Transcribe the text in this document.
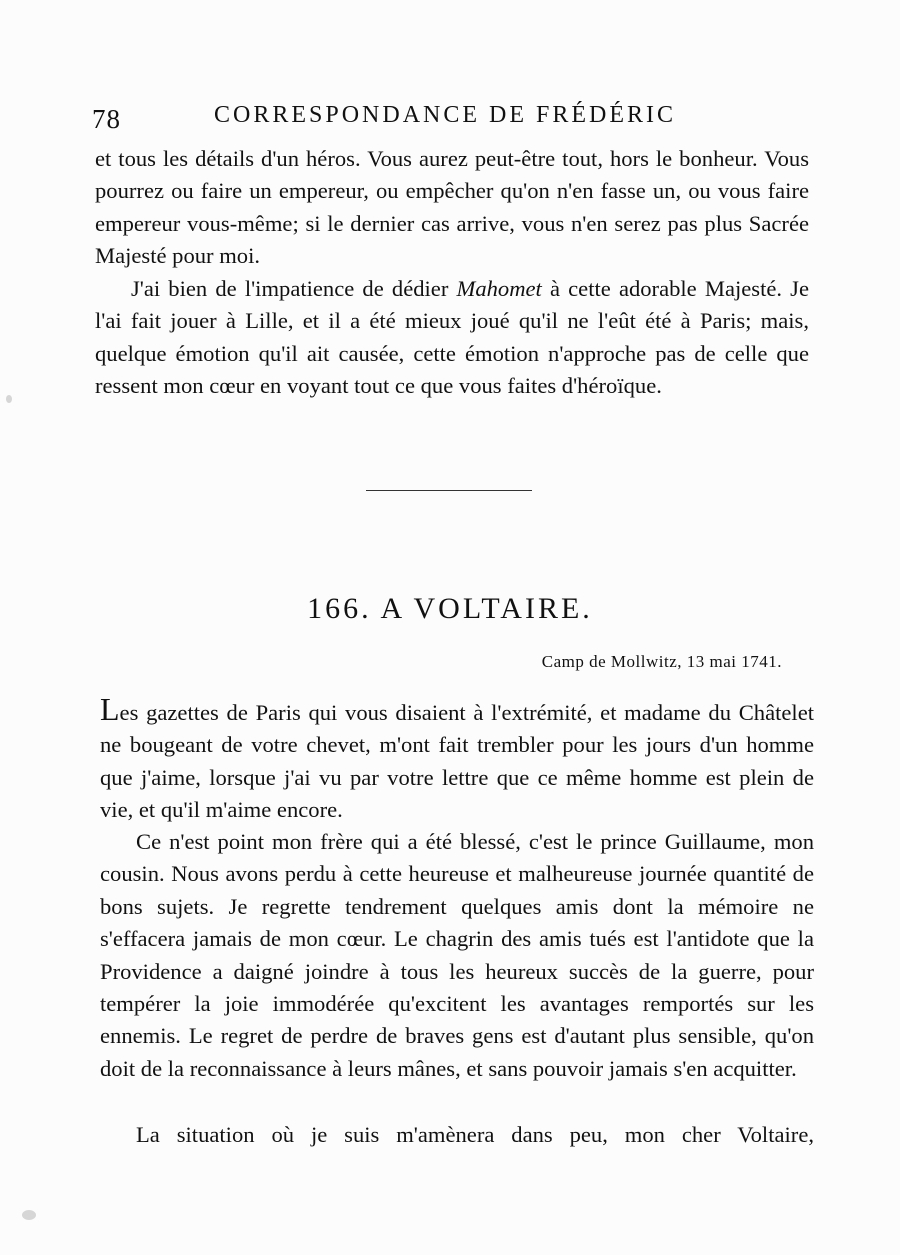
78	CORRESPONDANCE DE FRÉDÉRIC

et tous les détails d'un héros. Vous aurez peut-être tout, hors le bonheur. Vous pourrez ou faire un empereur, ou empêcher qu'on n'en fasse un, ou vous faire empereur vous-même; si le dernier cas arrive, vous n'en serez pas plus Sacrée Majesté pour moi.

J'ai bien de l'impatience de dédier Mahomet à cette adorable Majesté. Je l'ai fait jouer à Lille, et il a été mieux joué qu'il ne l'eût été à Paris; mais, quelque émotion qu'il ait causée, cette émotion n'approche pas de celle que ressent mon cœur en voyant tout ce que vous faites d'héroïque.

166. A VOLTAIRE.
Camp de Mollwitz, 13 mai 1741.

Les gazettes de Paris qui vous disaient à l'extrémité, et madame du Châtelet ne bougeant de votre chevet, m'ont fait trembler pour les jours d'un homme que j'aime, lorsque j'ai vu par votre lettre que ce même homme est plein de vie, et qu'il m'aime encore.

Ce n'est point mon frère qui a été blessé, c'est le prince Guillaume, mon cousin. Nous avons perdu à cette heureuse et malheureuse journée quantité de bons sujets. Je regrette tendrement quelques amis dont la mémoire ne s'effacera jamais de mon cœur. Le chagrin des amis tués est l'antidote que la Providence a daigné joindre à tous les heureux succès de la guerre, pour tempérer la joie immodérée qu'excitent les avantages remportés sur les ennemis. Le regret de perdre de braves gens est d'autant plus sensible, qu'on doit de la reconnaissance à leurs mânes, et sans pouvoir jamais s'en acquitter.

La situation où je suis m'amènera dans peu, mon cher Voltaire,
